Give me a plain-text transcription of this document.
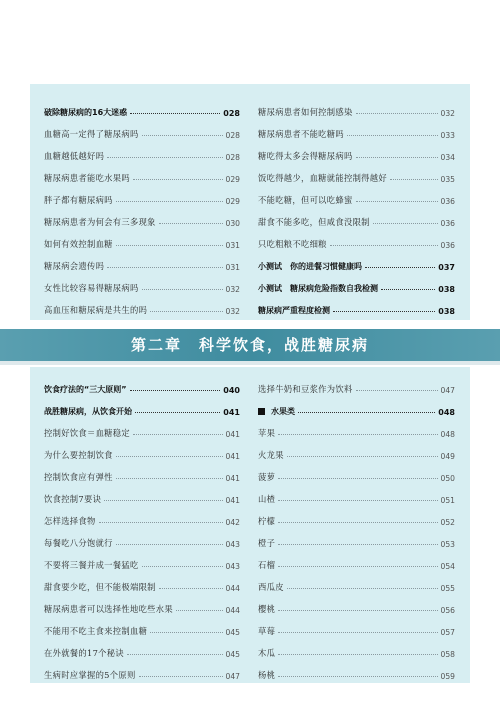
破除糖尿病的16大迷惑	028
血糖高一定得了糖尿病吗	028
血糖越低越好吗	028
糖尿病患者能吃水果吗	029
胖子都有糖尿病吗	029
糖尿病患者为何会有三多现象	030
如何有效控制血糖	031
糖尿病会遗传吗	031
女性比较容易得糖尿病吗	032
高血压和糖尿病是共生的吗	032
糖尿病患者如何控制感染	032
糖尿病患者不能吃糖吗	033
糖吃得太多会得糖尿病吗	034
饭吃得越少，血糖就能控制得越好	035
不能吃糖，但可以吃蜂蜜	036
甜食不能多吃，但咸食没限制	036
只吃粗粮不吃细粮	036
小测试　你的进餐习惯健康吗	037
小测试　糖尿病危险指数自我检测	038
糖尿病严重程度检测	038
第二章　科学饮食，战胜糖尿病
饮食疗法的“三大原则”	040
战胜糖尿病，从饮食开始	041
控制好饮食＝血糖稳定	041
为什么要控制饮食	041
控制饮食应有弹性	041
饮食控制7要诀	041
怎样选择食物	042
每餐吃八分饱就行	043
不要将三餐并成一餐猛吃	043
甜食要少吃，但不能极端限制	044
糖尿病患者可以选择性地吃些水果	044
不能用不吃主食来控制血糖	045
在外就餐的17个秘诀	045
生病时应掌握的5个原则	047
选择牛奶和豆浆作为饮料	047
水果类	048
苹果	048
火龙果	049
菠萝	050
山楂	051
柠檬	052
橙子	053
石榴	054
西瓜皮	055
樱桃	056
草莓	057
木瓜	058
杨桃	059
